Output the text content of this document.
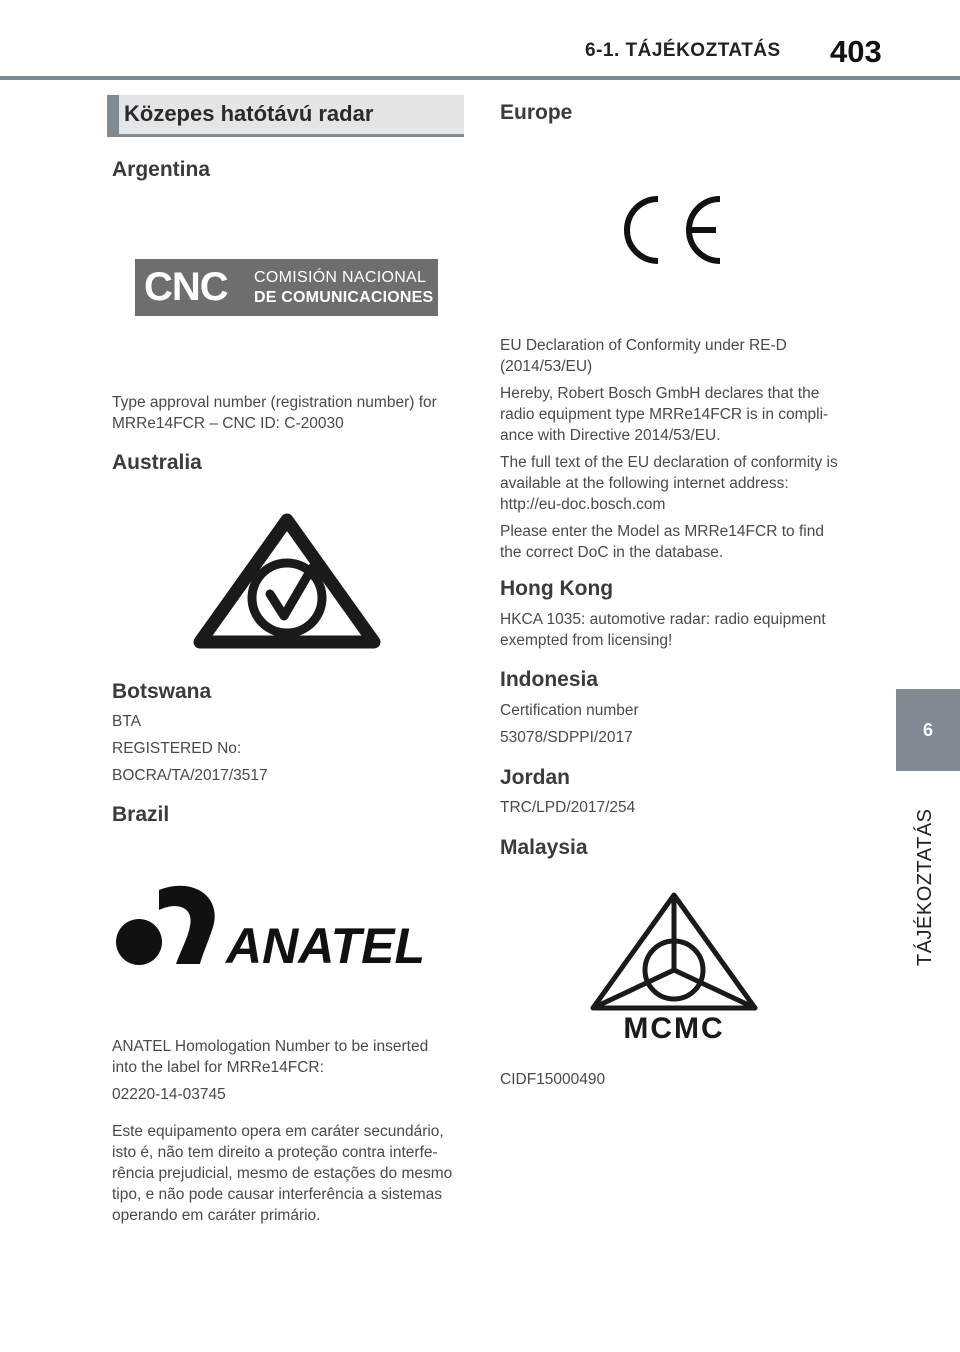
6-1. TÁJÉKOZTATÁS 403
6
TÁJÉKOZTATÁS
Közepes hatótávú radar
Argentina
CNC COMISIÓN NACIONAL
DE COMUNICACIONES
Type approval number (registration number) for MRRe14FCR – CNC ID: C-20030
Australia
Botswana
BTA
REGISTERED No:
BOCRA/TA/2017/3517
Brazil
ANATEL
ANATEL Homologation Number to be inserted into the label for MRRe14FCR:
02220-14-03745
Este equipamento opera em caráter secundário, isto é, não tem direito a proteção contra interfe-rência prejudicial, mesmo de estações do mesmo tipo, e não pode causar interferência a sistemas operando em caráter primário.
Europe
EU Declaration of Conformity under RE-D (2014/53/EU)
Hereby, Robert Bosch GmbH declares that the radio equipment type MRRe14FCR is in compli-ance with Directive 2014/53/EU.
The full text of the EU declaration of conformity is available at the following internet address: http://eu-doc.bosch.com
Please enter the Model as MRRe14FCR to find the correct DoC in the database.
Hong Kong
HKCA 1035: automotive radar: radio equipment exempted from licensing!
Indonesia
Certification number
53078/SDPPI/2017
Jordan
TRC/LPD/2017/254
Malaysia
MCMC
CIDF15000490
